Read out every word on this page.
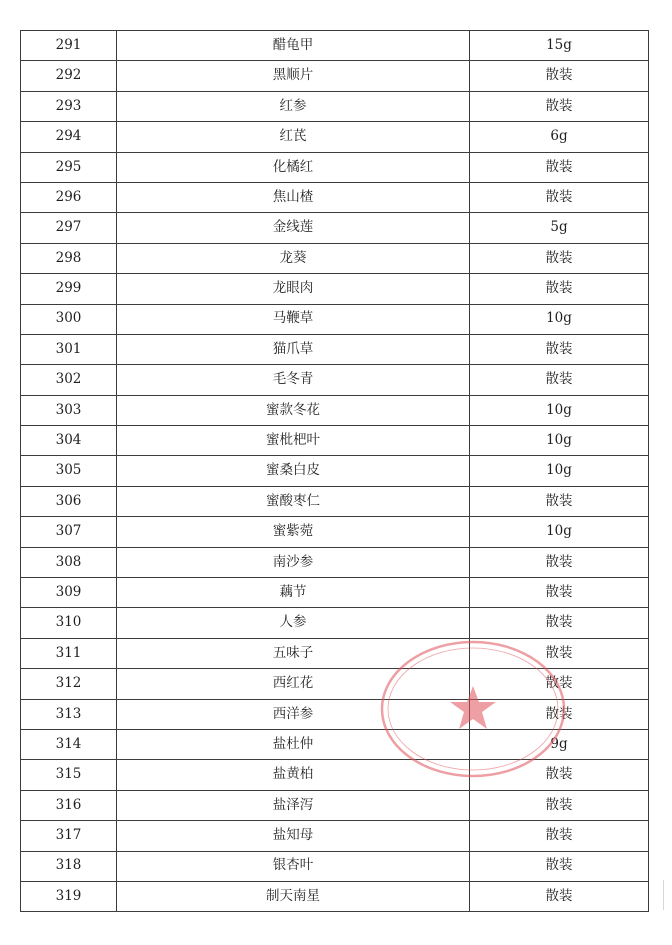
291	醋龟甲	15g
292	黑顺片	散装
293	红参	散装
294	红芪	6g
295	化橘红	散装
296	焦山楂	散装
297	金线莲	5g
298	龙葵	散装
299	龙眼肉	散装
300	马鞭草	10g
301	猫爪草	散装
302	毛冬青	散装
303	蜜款冬花	10g
304	蜜枇杷叶	10g
305	蜜桑白皮	10g
306	蜜酸枣仁	散装
307	蜜紫菀	10g
308	南沙参	散装
309	藕节	散装
310	人参	散装
311	五味子	散装
312	西红花	散装
313	西洋参	散装
314	盐杜仲	9g
315	盐黄柏	散装
316	盐泽泻	散装
317	盐知母	散装
318	银杏叶	散装
319	制天南星	散装
